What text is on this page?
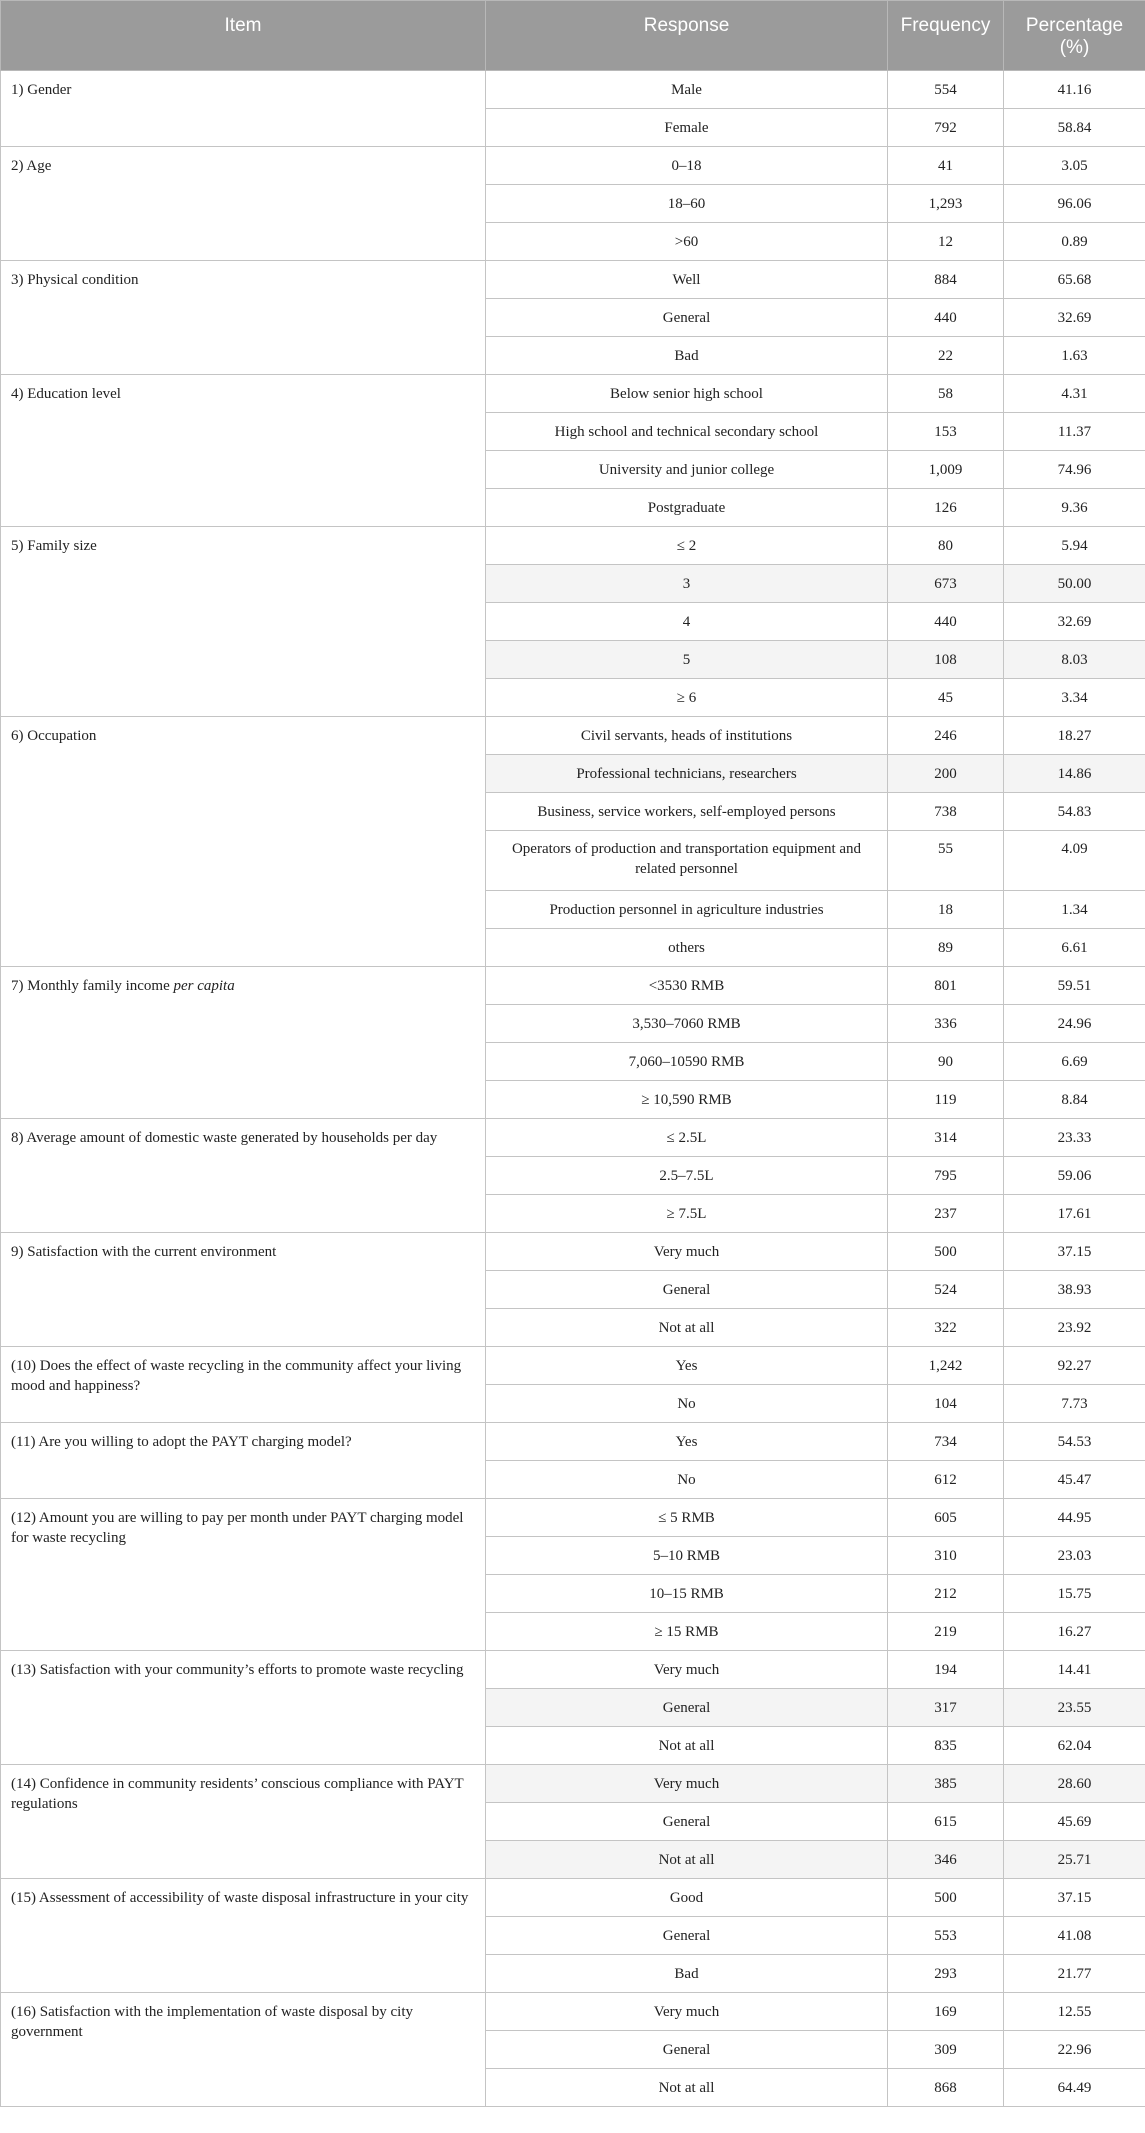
Item	Response	Frequency	Percentage (%)
1) Gender	Male	554	41.16
	Female	792	58.84
2) Age	0–18	41	3.05
	18–60	1,293	96.06
	>60	12	0.89
3) Physical condition	Well	884	65.68
	General	440	32.69
	Bad	22	1.63
4) Education level	Below senior high school	58	4.31
	High school and technical secondary school	153	11.37
	University and junior college	1,009	74.96
	Postgraduate	126	9.36
5) Family size	≤ 2	80	5.94
	3	673	50.00
	4	440	32.69
	5	108	8.03
	≥ 6	45	3.34
6) Occupation	Civil servants, heads of institutions	246	18.27
	Professional technicians, researchers	200	14.86
	Business, service workers, self-employed persons	738	54.83
	Operators of production and transportation equipment and related personnel	55	4.09
	Production personnel in agriculture industries	18	1.34
	others	89	6.61
7) Monthly family income per capita	<3530 RMB	801	59.51
	3,530–7060 RMB	336	24.96
	7,060–10590 RMB	90	6.69
	≥ 10,590 RMB	119	8.84
8) Average amount of domestic waste generated by households per day	≤ 2.5L	314	23.33
	2.5–7.5L	795	59.06
	≥ 7.5L	237	17.61
9) Satisfaction with the current environment	Very much	500	37.15
	General	524	38.93
	Not at all	322	23.92
(10) Does the effect of waste recycling in the community affect your living mood and happiness?	Yes	1,242	92.27
	No	104	7.73
(11) Are you willing to adopt the PAYT charging model?	Yes	734	54.53
	No	612	45.47
(12) Amount you are willing to pay per month under PAYT charging model for waste recycling	≤ 5 RMB	605	44.95
	5–10 RMB	310	23.03
	10–15 RMB	212	15.75
	≥ 15 RMB	219	16.27
(13) Satisfaction with your community’s efforts to promote waste recycling	Very much	194	14.41
	General	317	23.55
	Not at all	835	62.04
(14) Confidence in community residents’ conscious compliance with PAYT regulations	Very much	385	28.60
	General	615	45.69
	Not at all	346	25.71
(15) Assessment of accessibility of waste disposal infrastructure in your city	Good	500	37.15
	General	553	41.08
	Bad	293	21.77
(16) Satisfaction with the implementation of waste disposal by city government	Very much	169	12.55
	General	309	22.96
	Not at all	868	64.49
